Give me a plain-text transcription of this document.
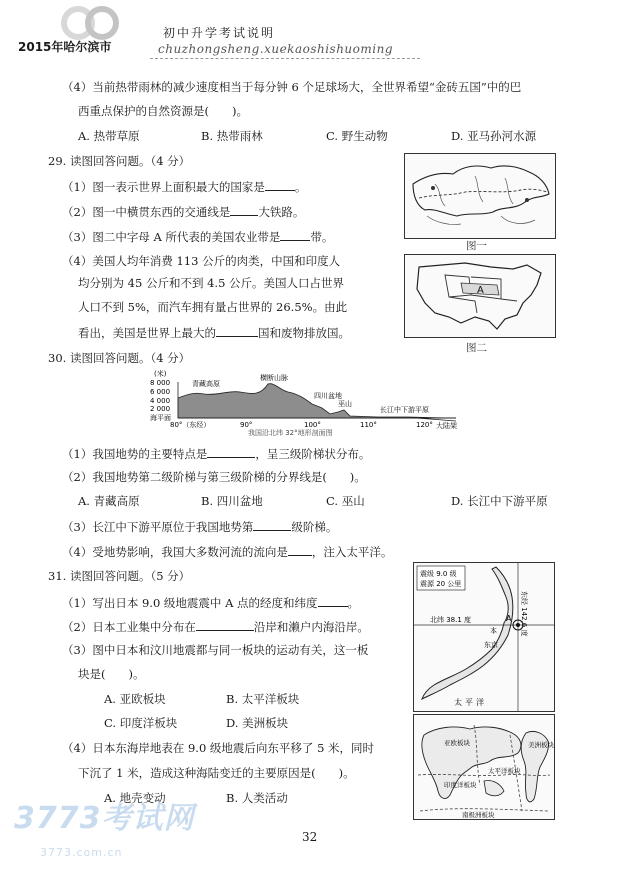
初中升学考试说明
chuzhongsheng.xuekaoshishuoming
2015年哈尔滨市
（4）当前热带雨林的减少速度相当于每分钟 6 个足球场大，全世界希望“金砖五国”中的巴
西重点保护的自然资源是(　　)。
A. 热带草原	B. 热带雨林	C. 野生动物	D. 亚马孙河水源
29. 读图回答问题。（4 分）
（1）图一表示世界上面积最大的国家是	。
（2）图一中横贯东西的交通线是 大铁路。
（3）图二中字母 A 所代表的美国农业带是	带。
（4）美国人均年消费 113 公斤的肉类，中国和印度人
均分别为 45 公斤和不到 4.5 公斤。美国人口占世界
人口不到 5%，而汽车拥有量占世界的 26.5%。由此
看出，美国是世界上最大的	国和废物排放国。
图一
A
图二
30. 读图回答问题。（4 分）
(米)
8 000
6 000
4 000
2 000
海平面
青藏高原
横断山脉
四川盆地
巫山
长江中下游平原
大陆架
80°（东经）	90°	100°	110°	120°
我国沿北纬 32°地形剖面图
（1）我国地势的主要特点是	，呈三级阶梯状分布。
（2）我国地势第二级阶梯与第三级阶梯的分界线是(　　)。
A. 青藏高原	B. 四川盆地	C. 巫山	D. 长江中下游平原
（3）长江中下游平原位于我国地势第	级阶梯。
（4）受地势影响，我国大多数河流的流向是 ，注入太平洋。
31. 读图回答问题。（5 分）
（1）写出日本 9.0 级地震震中 A 点的经度和纬度	。
（2）日本工业集中分布在	沿岸和濑户内海沿岸。
（3）图中日本和汶川地震都与同一板块的运动有关，这一板
块是(　　)。
A. 亚欧板块	B. 太平洋板块
C. 印度洋板块	D. 美洲板块
（4）日本东海岸地表在 9.0 级地震后向东平移了 5 米，同时
下沉了 1 米，造成这种海陆变迁的主要原因是(　　)。
A. 地壳变动	B. 人类活动
震级 9.0 级
震源 20 公里
北纬 38.1 度	东经 142.6 度
A
东京
本
太平洋
亚欧板块
太平洋板块
南极洲板块
印度洋板块
美洲板块
32
3773考试网
3773.com.cn
